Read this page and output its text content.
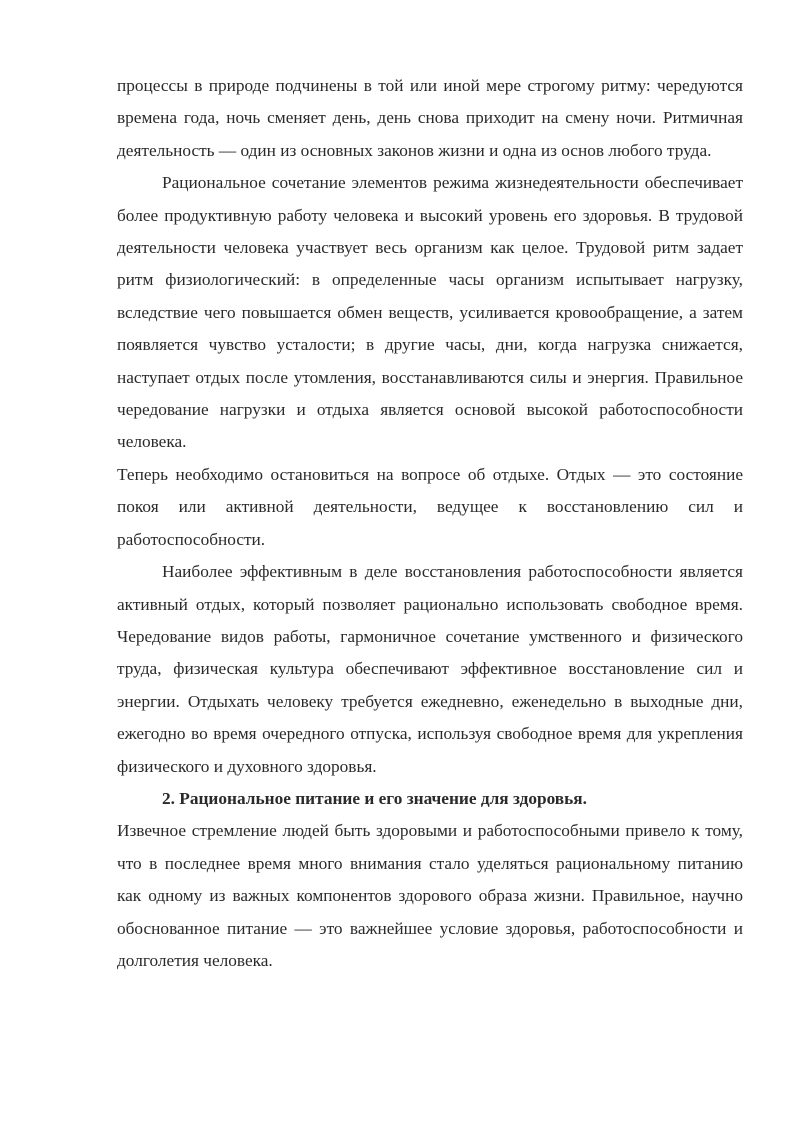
процессы в природе подчинены в той или иной мере строгому ритму: чередуются времена года, ночь сменяет день, день снова приходит на смену ночи. Ритмичная деятельность — один из основных законов жизни и одна из основ любого труда.

Рациональное сочетание элементов режима жизнедеятельности обеспечивает более продуктивную работу человека и высокий уровень его здоровья. В трудовой деятельности человека участвует весь организм как целое. Трудовой ритм задает ритм физиологический: в определенные часы организм испытывает нагрузку, вследствие чего повышается обмен веществ, усиливается кровообращение, а затем появляется чувство усталости; в другие часы, дни, когда нагрузка снижается, наступает отдых после утомления, восстанавливаются силы и энергия. Правильное чередование нагрузки и отдыха является основой высокой работоспособности человека.

Теперь необходимо остановиться на вопросе об отдыхе. Отдых — это состояние покоя или активной деятельности, ведущее к восстановлению сил и работоспособности.

Наиболее эффективным в деле восстановления работоспособности является активный отдых, который позволяет рационально использовать свободное время. Чередование видов работы, гармоничное сочетание умственного и физического труда, физическая культура обеспечивают эффективное восстановление сил и энергии. Отдыхать человеку требуется ежедневно, еженедельно в выходные дни, ежегодно во время очередного отпуска, используя свободное время для укрепления физического и духовного здоровья.

2. Рациональное питание и его значение для здоровья.

Извечное стремление людей быть здоровыми и работоспособными привело к тому, что в последнее время много внимания стало уделяться рациональному питанию как одному из важных компонентов здорового образа жизни. Правильное, научно обоснованное питание — это важнейшее условие здоровья, работоспособности и долголетия человека.
